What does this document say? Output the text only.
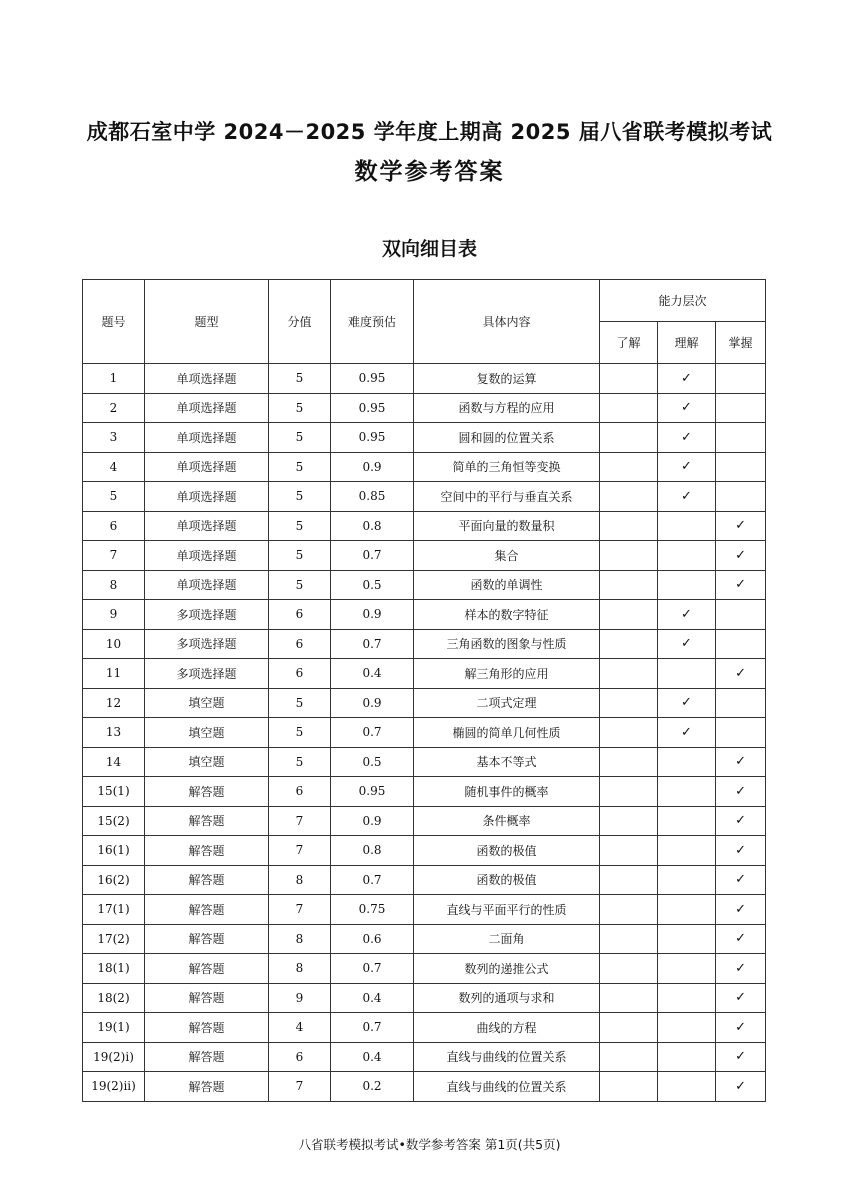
成都石室中学 2024－2025 学年度上期高 2025 届八省联考模拟考试
数学参考答案
双向细目表
题号	题型	分值	难度预估	具体内容	能力层次		
					了解	理解	掌握
1	单项选择题	5	0.95	复数的运算		✓	
2	单项选择题	5	0.95	函数与方程的应用		✓	
3	单项选择题	5	0.95	圆和圆的位置关系		✓	
4	单项选择题	5	0.9	简单的三角恒等变换		✓	
5	单项选择题	5	0.85	空间中的平行与垂直关系		✓	
6	单项选择题	5	0.8	平面向量的数量积			✓
7	单项选择题	5	0.7	集合			✓
8	单项选择题	5	0.5	函数的单调性			✓
9	多项选择题	6	0.9	样本的数字特征		✓	
10	多项选择题	6	0.7	三角函数的图象与性质		✓	
11	多项选择题	6	0.4	解三角形的应用			✓
12	填空题	5	0.9	二项式定理		✓	
13	填空题	5	0.7	椭圆的简单几何性质		✓	
14	填空题	5	0.5	基本不等式			✓
15(1)	解答题	6	0.95	随机事件的概率			✓
15(2)	解答题	7	0.9	条件概率			✓
16(1)	解答题	7	0.8	函数的极值			✓
16(2)	解答题	8	0.7	函数的极值			✓
17(1)	解答题	7	0.75	直线与平面平行的性质			✓
17(2)	解答题	8	0.6	二面角			✓
18(1)	解答题	8	0.7	数列的递推公式			✓
18(2)	解答题	9	0.4	数列的通项与求和			✓
19(1)	解答题	4	0.7	曲线的方程			✓
19(2)i)	解答题	6	0.4	直线与曲线的位置关系			✓
19(2)ii)	解答题	7	0.2	直线与曲线的位置关系			✓
八省联考模拟考试•数学参考答案 第1页(共5页)
